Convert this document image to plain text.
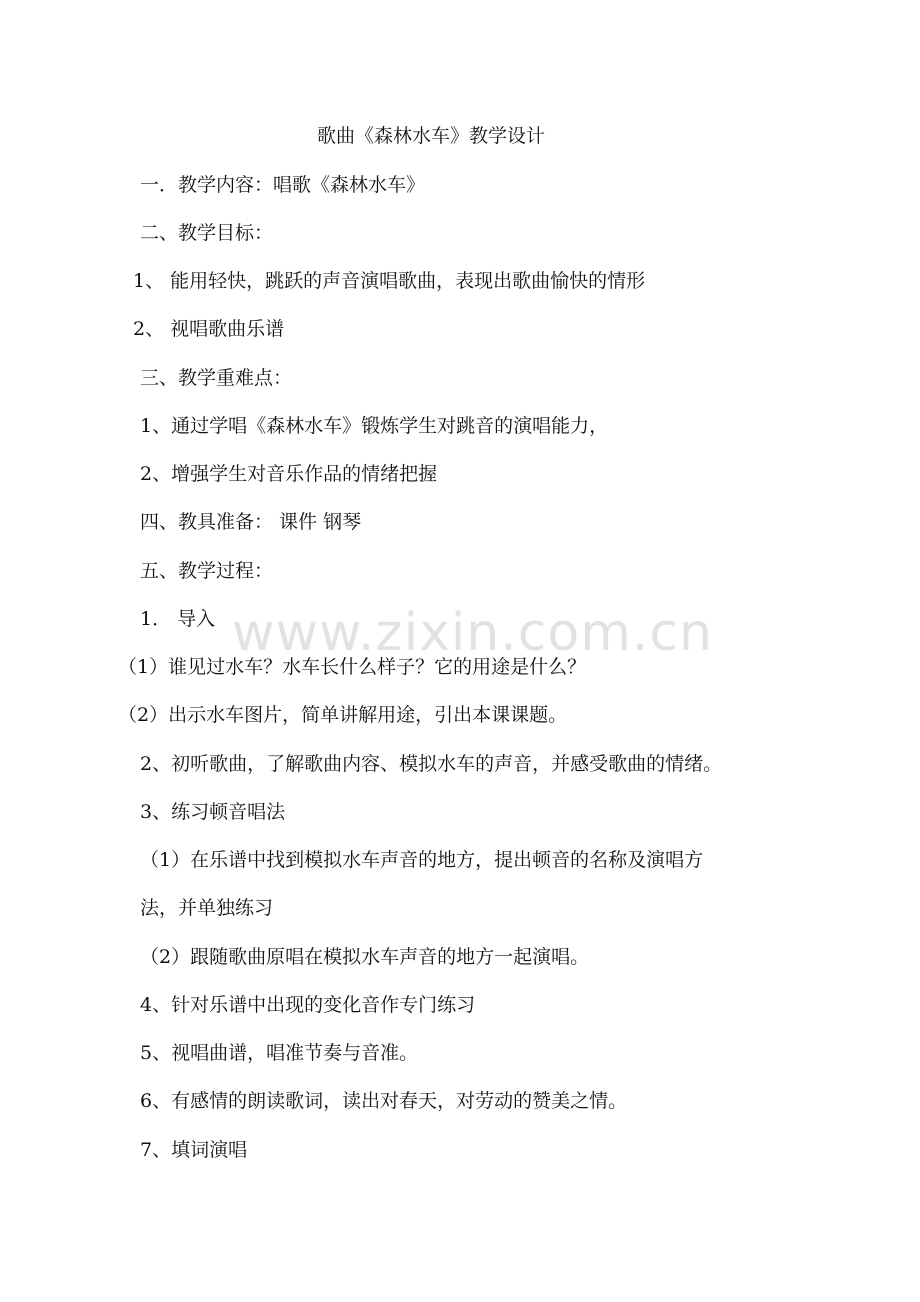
歌曲《森林水车》教学设计
一．教学内容：唱歌《森林水车》
二、教学目标：
1、 能用轻快，跳跃的声音演唱歌曲，表现出歌曲愉快的情形
2、 视唱歌曲乐谱
三、教学重难点：
1、通过学唱《森林水车》锻炼学生对跳音的演唱能力，
2、增强学生对音乐作品的情绪把握
四、教具准备： 课件 钢琴
五、教学过程：
1． 导入
（1）谁见过水车？水车长什么样子？它的用途是什么？
（2）出示水车图片，简单讲解用途，引出本课课题。
2、初听歌曲，了解歌曲内容、模拟水车的声音，并感受歌曲的情绪。
3、练习顿音唱法
（1）在乐谱中找到模拟水车声音的地方，提出顿音的名称及演唱方
法，并单独练习
（2）跟随歌曲原唱在模拟水车声音的地方一起演唱。
4、针对乐谱中出现的变化音作专门练习
5、视唱曲谱，唱准节奏与音准。
6、有感情的朗读歌词，读出对春天，对劳动的赞美之情。
7、填词演唱
www.zixin.com.cn
